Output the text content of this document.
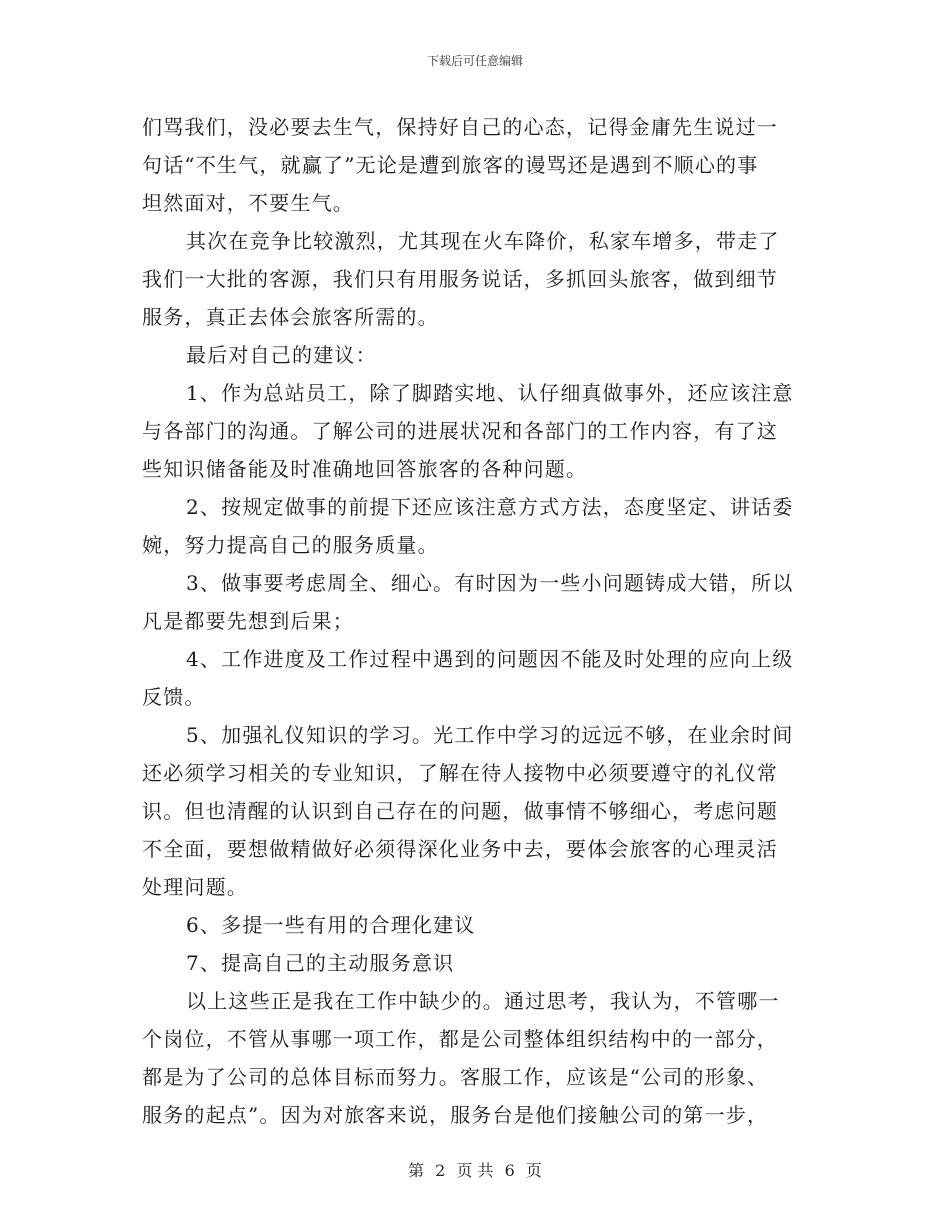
下载后可任意编辑
们骂我们，没必要去生气，保持好自己的心态，记得金庸先生说过一
句话“不生气，就赢了”无论是遭到旅客的谩骂还是遇到不顺心的事
坦然面对，不要生气。
其次在竞争比较激烈，尤其现在火车降价，私家车增多，带走了
我们一大批的客源，我们只有用服务说话，多抓回头旅客，做到细节
服务，真正去体会旅客所需的。
最后对自己的建议：
1、作为总站员工，除了脚踏实地、认仔细真做事外，还应该注意
与各部门的沟通。了解公司的进展状况和各部门的工作内容，有了这
些知识储备能及时准确地回答旅客的各种问题。
2、按规定做事的前提下还应该注意方式方法，态度坚定、讲话委
婉，努力提高自己的服务质量。
3、做事要考虑周全、细心。有时因为一些小问题铸成大错，所以
凡是都要先想到后果；
4、工作进度及工作过程中遇到的问题因不能及时处理的应向上级
反馈。
5、加强礼仪知识的学习。光工作中学习的远远不够，在业余时间
还必须学习相关的专业知识，了解在待人接物中必须要遵守的礼仪常
识。但也清醒的认识到自己存在的问题，做事情不够细心，考虑问题
不全面，要想做精做好必须得深化业务中去，要体会旅客的心理灵活
处理问题。
6、多提一些有用的合理化建议
7、提高自己的主动服务意识
以上这些正是我在工作中缺少的。通过思考，我认为，不管哪一
个岗位，不管从事哪一项工作，都是公司整体组织结构中的一部分，
都是为了公司的总体目标而努力。客服工作，应该是“公司的形象、
服务的起点”。因为对旅客来说，服务台是他们接触公司的第一步，
第 2 页 共 6 页
